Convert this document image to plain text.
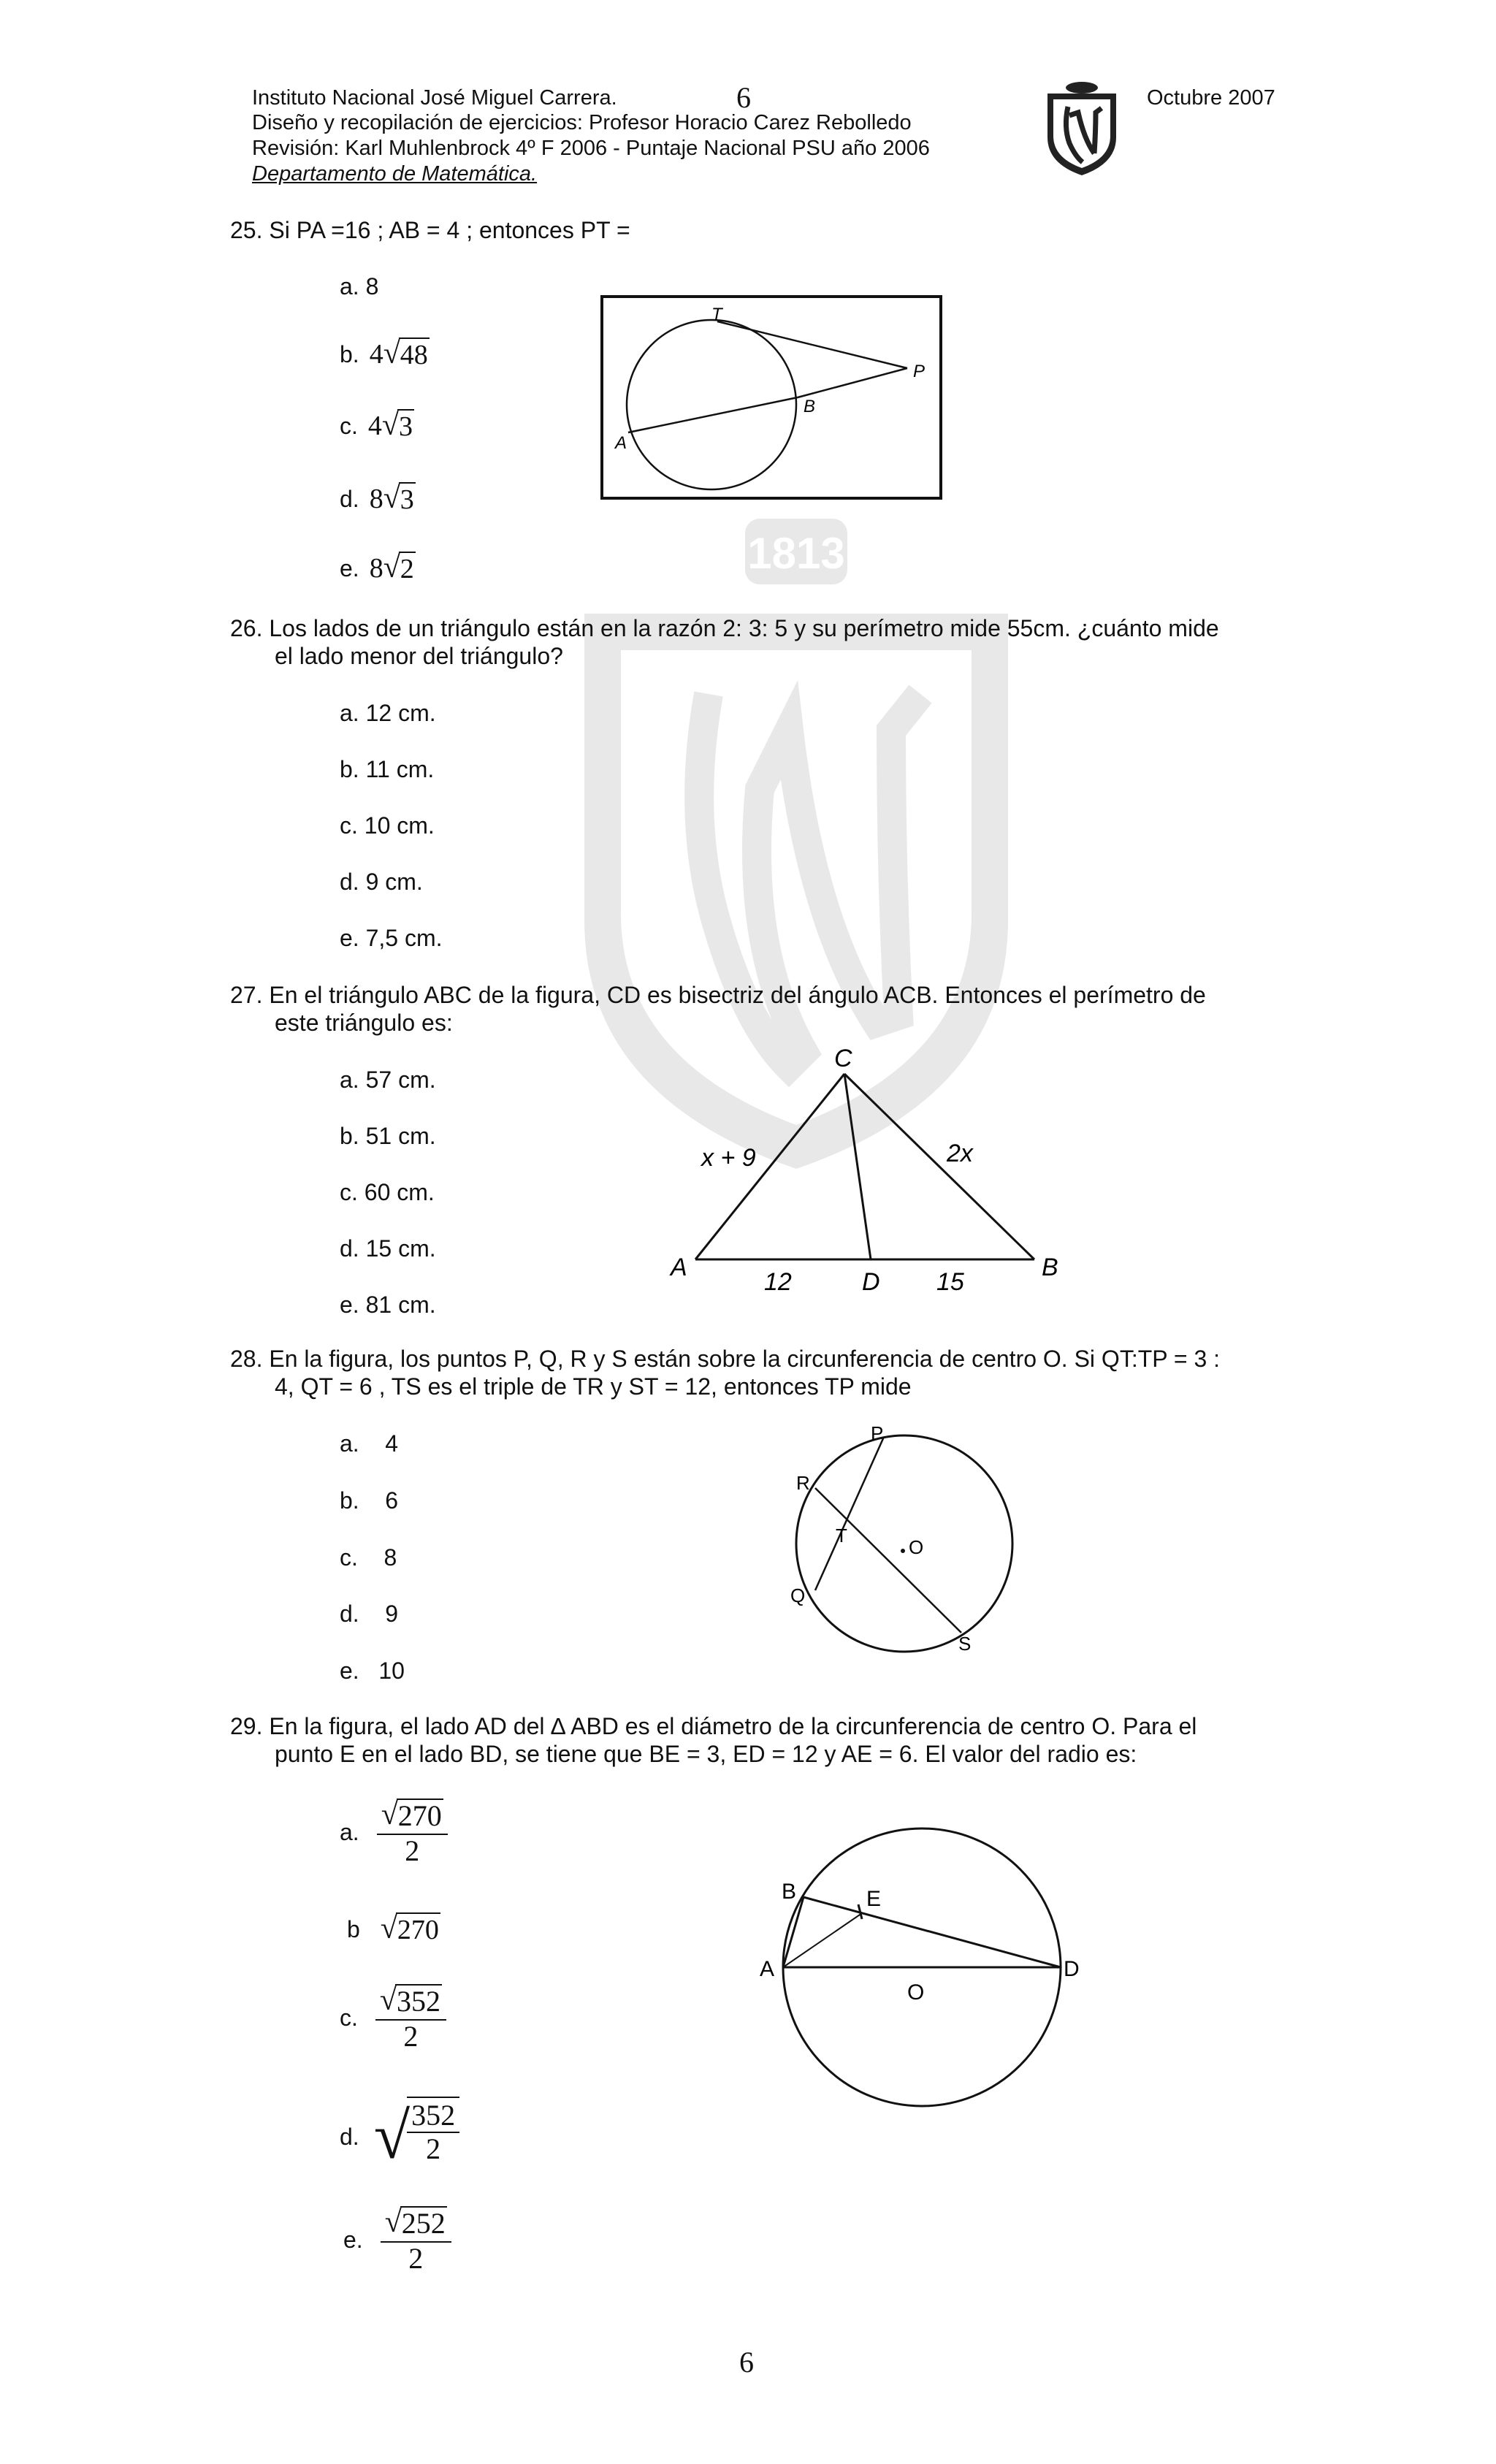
1813
Instituto Nacional José Miguel Carrera.	6	Octubre 2007
Diseño y recopilación de ejercicios: Profesor Horacio Carez Rebolledo
Revisión: Karl Muhlenbrock 4º F 2006 - Puntaje Nacional PSU año 2006
Departamento de Matemática.
25. Si PA =16 ; AB = 4 ; entonces PT =
a. 8
b. 4 √ 48
c. 4 √ 3
d. 8 √ 3
e. 8 √ 2
T
P
B
A
26. Los lados de un triángulo están en la razón 2: 3: 5 y su perímetro mide 55cm. ¿cuánto mide
el lado menor del triángulo?
a. 12 cm.
b. 11 cm.
c. 10 cm.
d. 9 cm.
e. 7,5 cm.
27. En el triángulo ABC de la figura, CD es bisectriz del ángulo ACB. Entonces el perímetro de
este triángulo es:
a. 57 cm.
b. 51 cm.
c. 60 cm.
d. 15 cm.
e. 81 cm.
C
A	B
D
x + 9	2x
12	15
28. En la figura, los puntos P, Q, R y S están sobre la circunferencia de centro O. Si QT:TP = 3 :
4, QT = 6 , TS es el triple de TR y ST = 12, entonces TP mide
a.    4
b.    6
c.    8
d.    9
e.   10
P
R
T
O
Q
S
29. En la figura, el lado AD del ∆ ABD es el diámetro de la circunferencia de centro O. Para el
punto E en el lado BD, se tiene que BE = 3, ED = 12 y AE = 6. El valor del radio es:
a. $\frac{√ 270}{2}$
b √ 270
c. $\frac{√ 352}{2}$
d. √
$\frac{352}{2}$
e. $\frac{√ 252}{2}$
B	E
A
O
D
6
